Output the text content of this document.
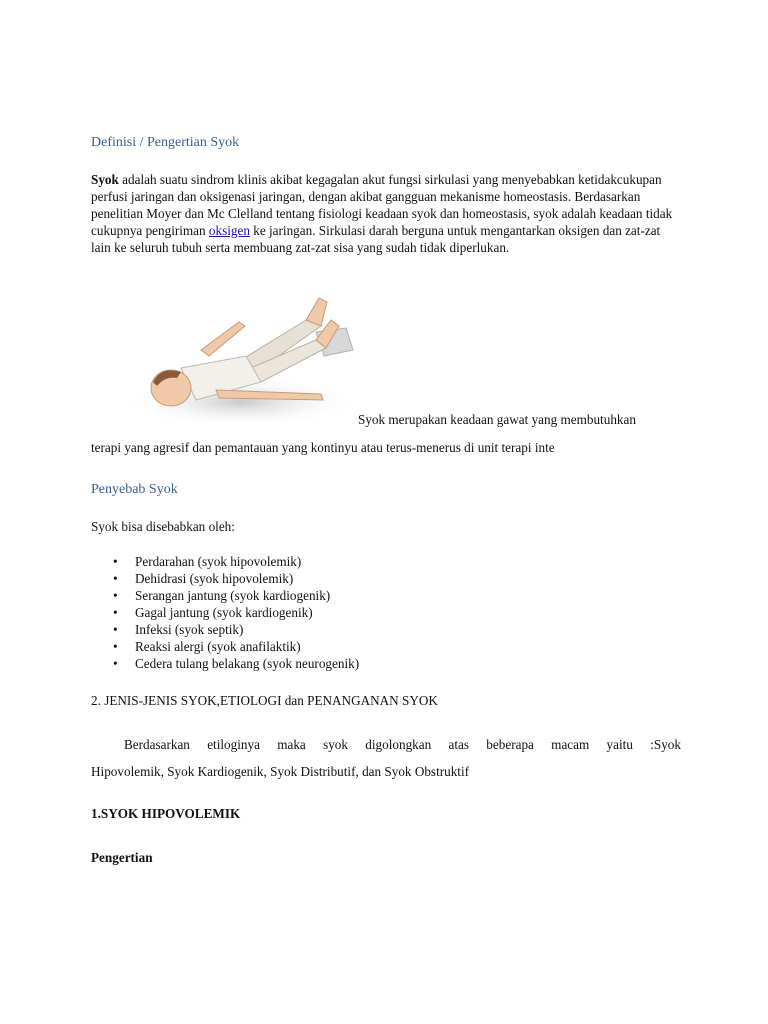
Definisi / Pengertian Syok
Syok adalah suatu sindrom klinis akibat kegagalan akut fungsi sirkulasi yang menyebabkan ketidakcukupan perfusi jaringan dan oksigenasi jaringan, dengan akibat gangguan mekanisme homeostasis. Berdasarkan penelitian Moyer dan Mc Clelland tentang fisiologi keadaan syok dan homeostasis, syok adalah keadaan tidak cukupnya pengiriman oksigen ke jaringan. Sirkulasi darah berguna untuk mengantarkan oksigen dan zat-zat lain ke seluruh tubuh serta membuang zat-zat sisa yang sudah tidak diperlukan.
Syok merupakan keadaan gawat yang membutuhkan
terapi yang agresif dan pemantauan yang kontinyu atau terus-menerus di unit terapi inte
Penyebab Syok
Syok bisa disebabkan oleh:
• Perdarahan (syok hipovolemik)
• Dehidrasi (syok hipovolemik)
• Serangan jantung (syok kardiogenik)
• Gagal jantung (syok kardiogenik)
• Infeksi (syok septik)
• Reaksi alergi (syok anafilaktik)
• Cedera tulang belakang (syok neurogenik)
2. JENIS-JENIS SYOK,ETIOLOGI dan PENANGANAN SYOK
Berdasarkan etiloginya maka syok digolongkan atas beberapa macam yaitu :Syok
Hipovolemik, Syok Kardiogenik, Syok Distributif, dan Syok Obstruktif
1.SYOK HIPOVOLEMIK
Pengertian
